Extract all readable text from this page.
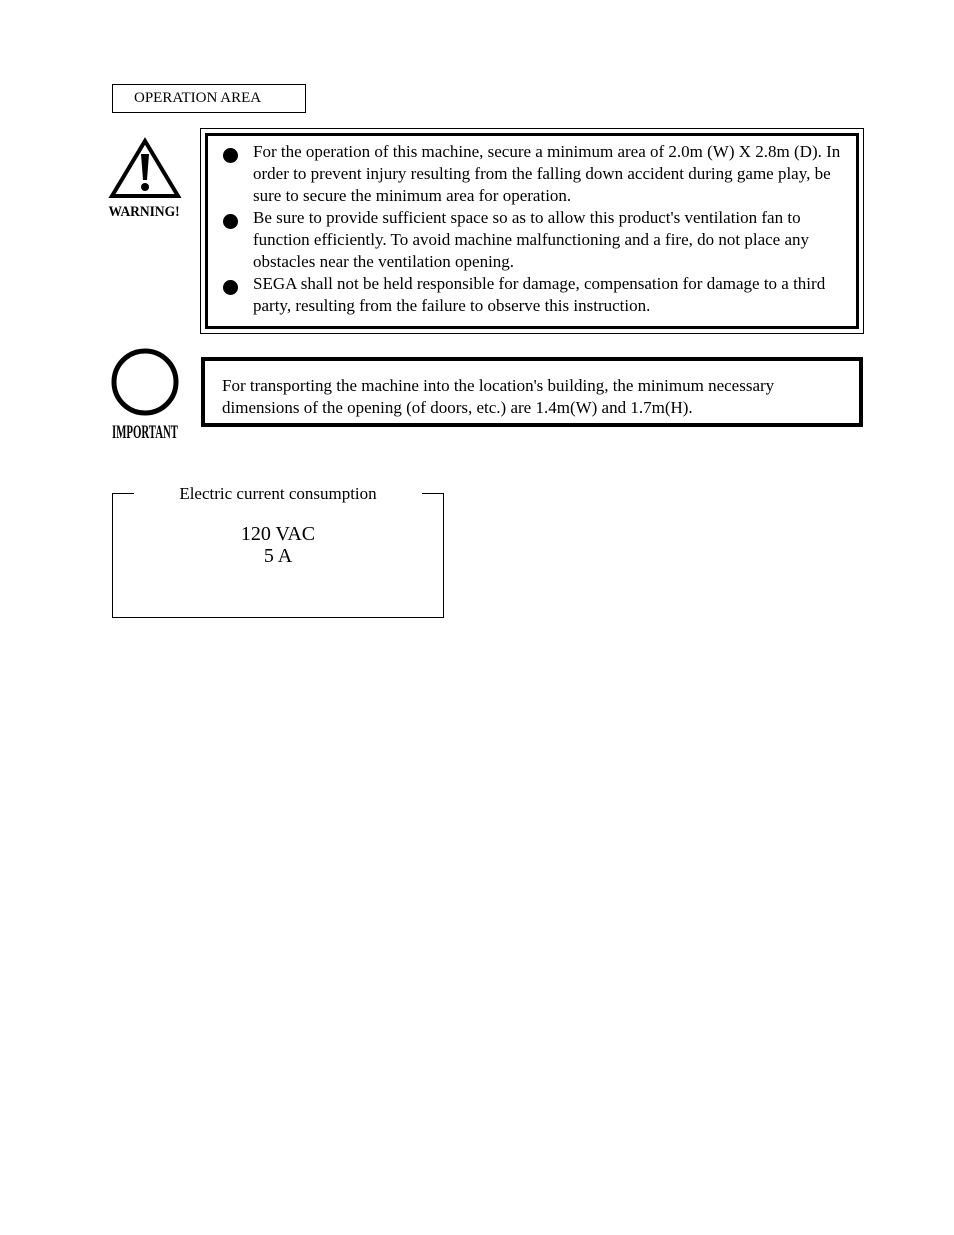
OPERATION AREA
WARNING!
For the operation of this machine, secure a minimum area of 2.0m (W) X 2.8m (D). In order to prevent injury resulting from the falling down accident during game play, be sure to secure the minimum area for operation.
Be sure to provide sufficient space so as to allow this product's ventilation fan to function efficiently. To avoid machine malfunctioning and a fire, do not place any obstacles near the ventilation opening.
SEGA shall not be held responsible for damage, compensation for damage to a third party, resulting from the failure to observe this instruction.
IMPORTANT
For transporting the machine into the location's building, the minimum necessary dimensions of the opening (of doors, etc.) are 1.4m(W) and 1.7m(H).
Electric current consumption
120 VAC
5 A
